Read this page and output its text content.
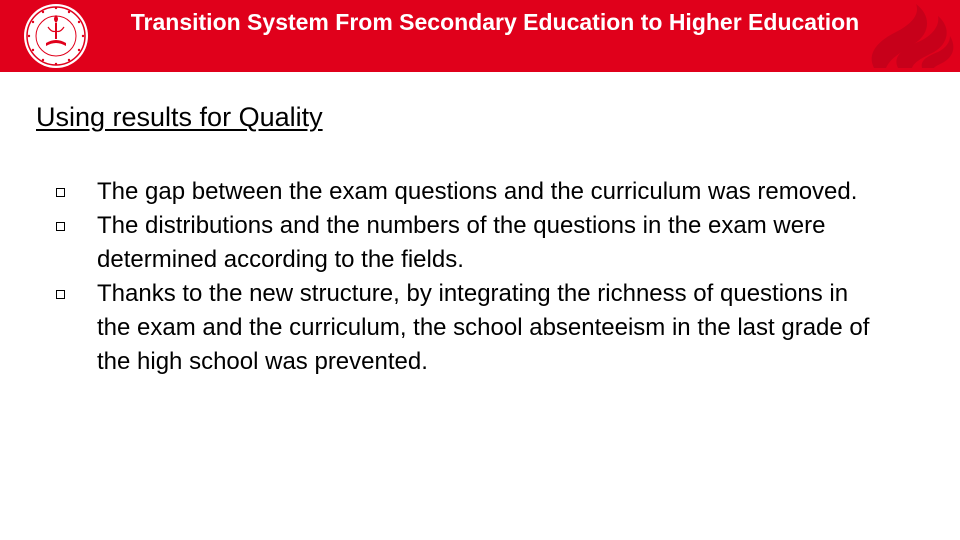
Transition System From Secondary Education to Higher Education
Using results for Quality
The gap between the exam questions and the curriculum was removed.
The distributions and the numbers of the questions in the exam were determined according to the fields.
Thanks to the new structure, by integrating the richness of questions in the exam and the curriculum, the school absenteeism in the last grade of the high school was prevented.
